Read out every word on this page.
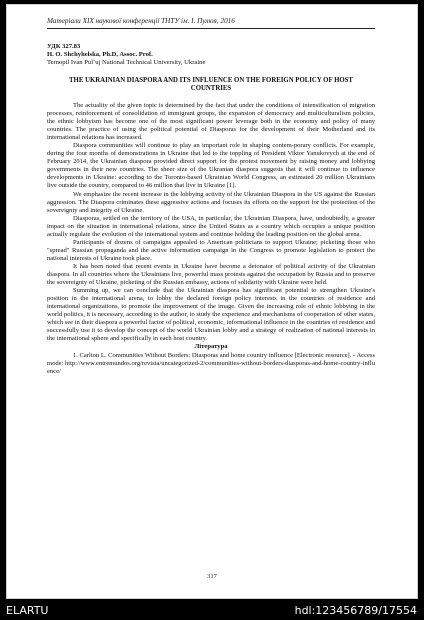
Матеріали ХІХ наукової конференції ТНТУ ім. І. Пулюя, 2016
УДК 327.83
H. O. Shchyhelska, Ph.D, Assoc. Prof.
Ternopil Ivan Pul’uj National Technical University, Ukraine
THE UKRAINIAN DIASPORA AND ITS INFLUENCE ON THE FOREIGN POLICY OF HOST COUNTRIES

The actuality of the given topic is determined by the fact that under the conditions of intensification of migration processes, reinforcement of consolidation of immigrant groups, the expansion of democracy and multiculturalism policies, the ethnic lobbyism has become one of the most significant power leverage both in the economy and policy of many countries. The practice of using the political potential of Diasporas for the development of their Motherland and its international relations has increased.

Diaspora communities will continue to play an important role in shaping contem-porary conflicts. For example, during the four months of demonstrations in Ukraine that led to the toppling of President Viktor Yanukovych at the end of February 2014, the Ukrainian diaspora provided direct support for the protest movement by raising money and lobbying governments in their new countries. The sheer size of the Ukranian diaspora suggests that it will continue to influence developments in Ukraine: according to the Toronto-based Ukrainian World Congress, an estimated 20 million Ukrainians live outside the country, compared to 46 million that live in Ukraine [1].

We emphasize the recent increase in the lobbying activity of the Ukrainian Diaspora in the US against the Russian aggression. The Diaspora criminates these aggressive actions and focuses its efforts on the support for the protection of the sovereignty and integrity of Ukraine.

Diasporas, settled on the territory of the USA, in particular, the Ukrainian Diaspora, have, undoubtedly, a greater impact on the situation in international relations, since the United States as a country which occupies a unique position actually regulate the evolution of the international system and continue holding the leading position on the global arena.

Participants of dozens of campaigns appealed to American politicians to support Ukraine; picketing those who "spread" Russian propaganda and the active information campaign in the Congress to promote legislation to protect the national interests of Ukraine took place.

It has been noted that recent events in Ukraine have become a detonator of political activity of the Ukrainian diaspora. In all countries where the Ukrainians live, powerful mass protests against the occupation by Russia and to preserve the sovereignty of Ukraine, picketing of the Russian embassy, actions of solidarity with Ukraine were held.

Summing up, we can conclude that the Ukrainian diaspora has significant potential to strengthen Ukraine's position in the international arena, to lobby the declared foreign policy interests in the countries of residence and international organizations, to promote the improvement of the image. Given the increasing role of ethnic lobbying in the world politics, it is necessary, according to the author, to study the experience and mechanisms of cooperation of other states, which see in their diaspora a powerful factor of political, economic, informational influence in the countries of residence and successfully use it to develop the concept of the world Ukrainian lobby and a strategy of realization of national interests in the international sphere and specifically in each host country.

Література

1. Carlton L. Communities Without Borders: Diasporas and home country influence [Electronic resource]. - Access mode: http://www.entremundos.org/revista/uncategorized-2/communities-without-borders-diasporas-and-home-country-influence/

317
ELARTU	hdl:123456789/17554
